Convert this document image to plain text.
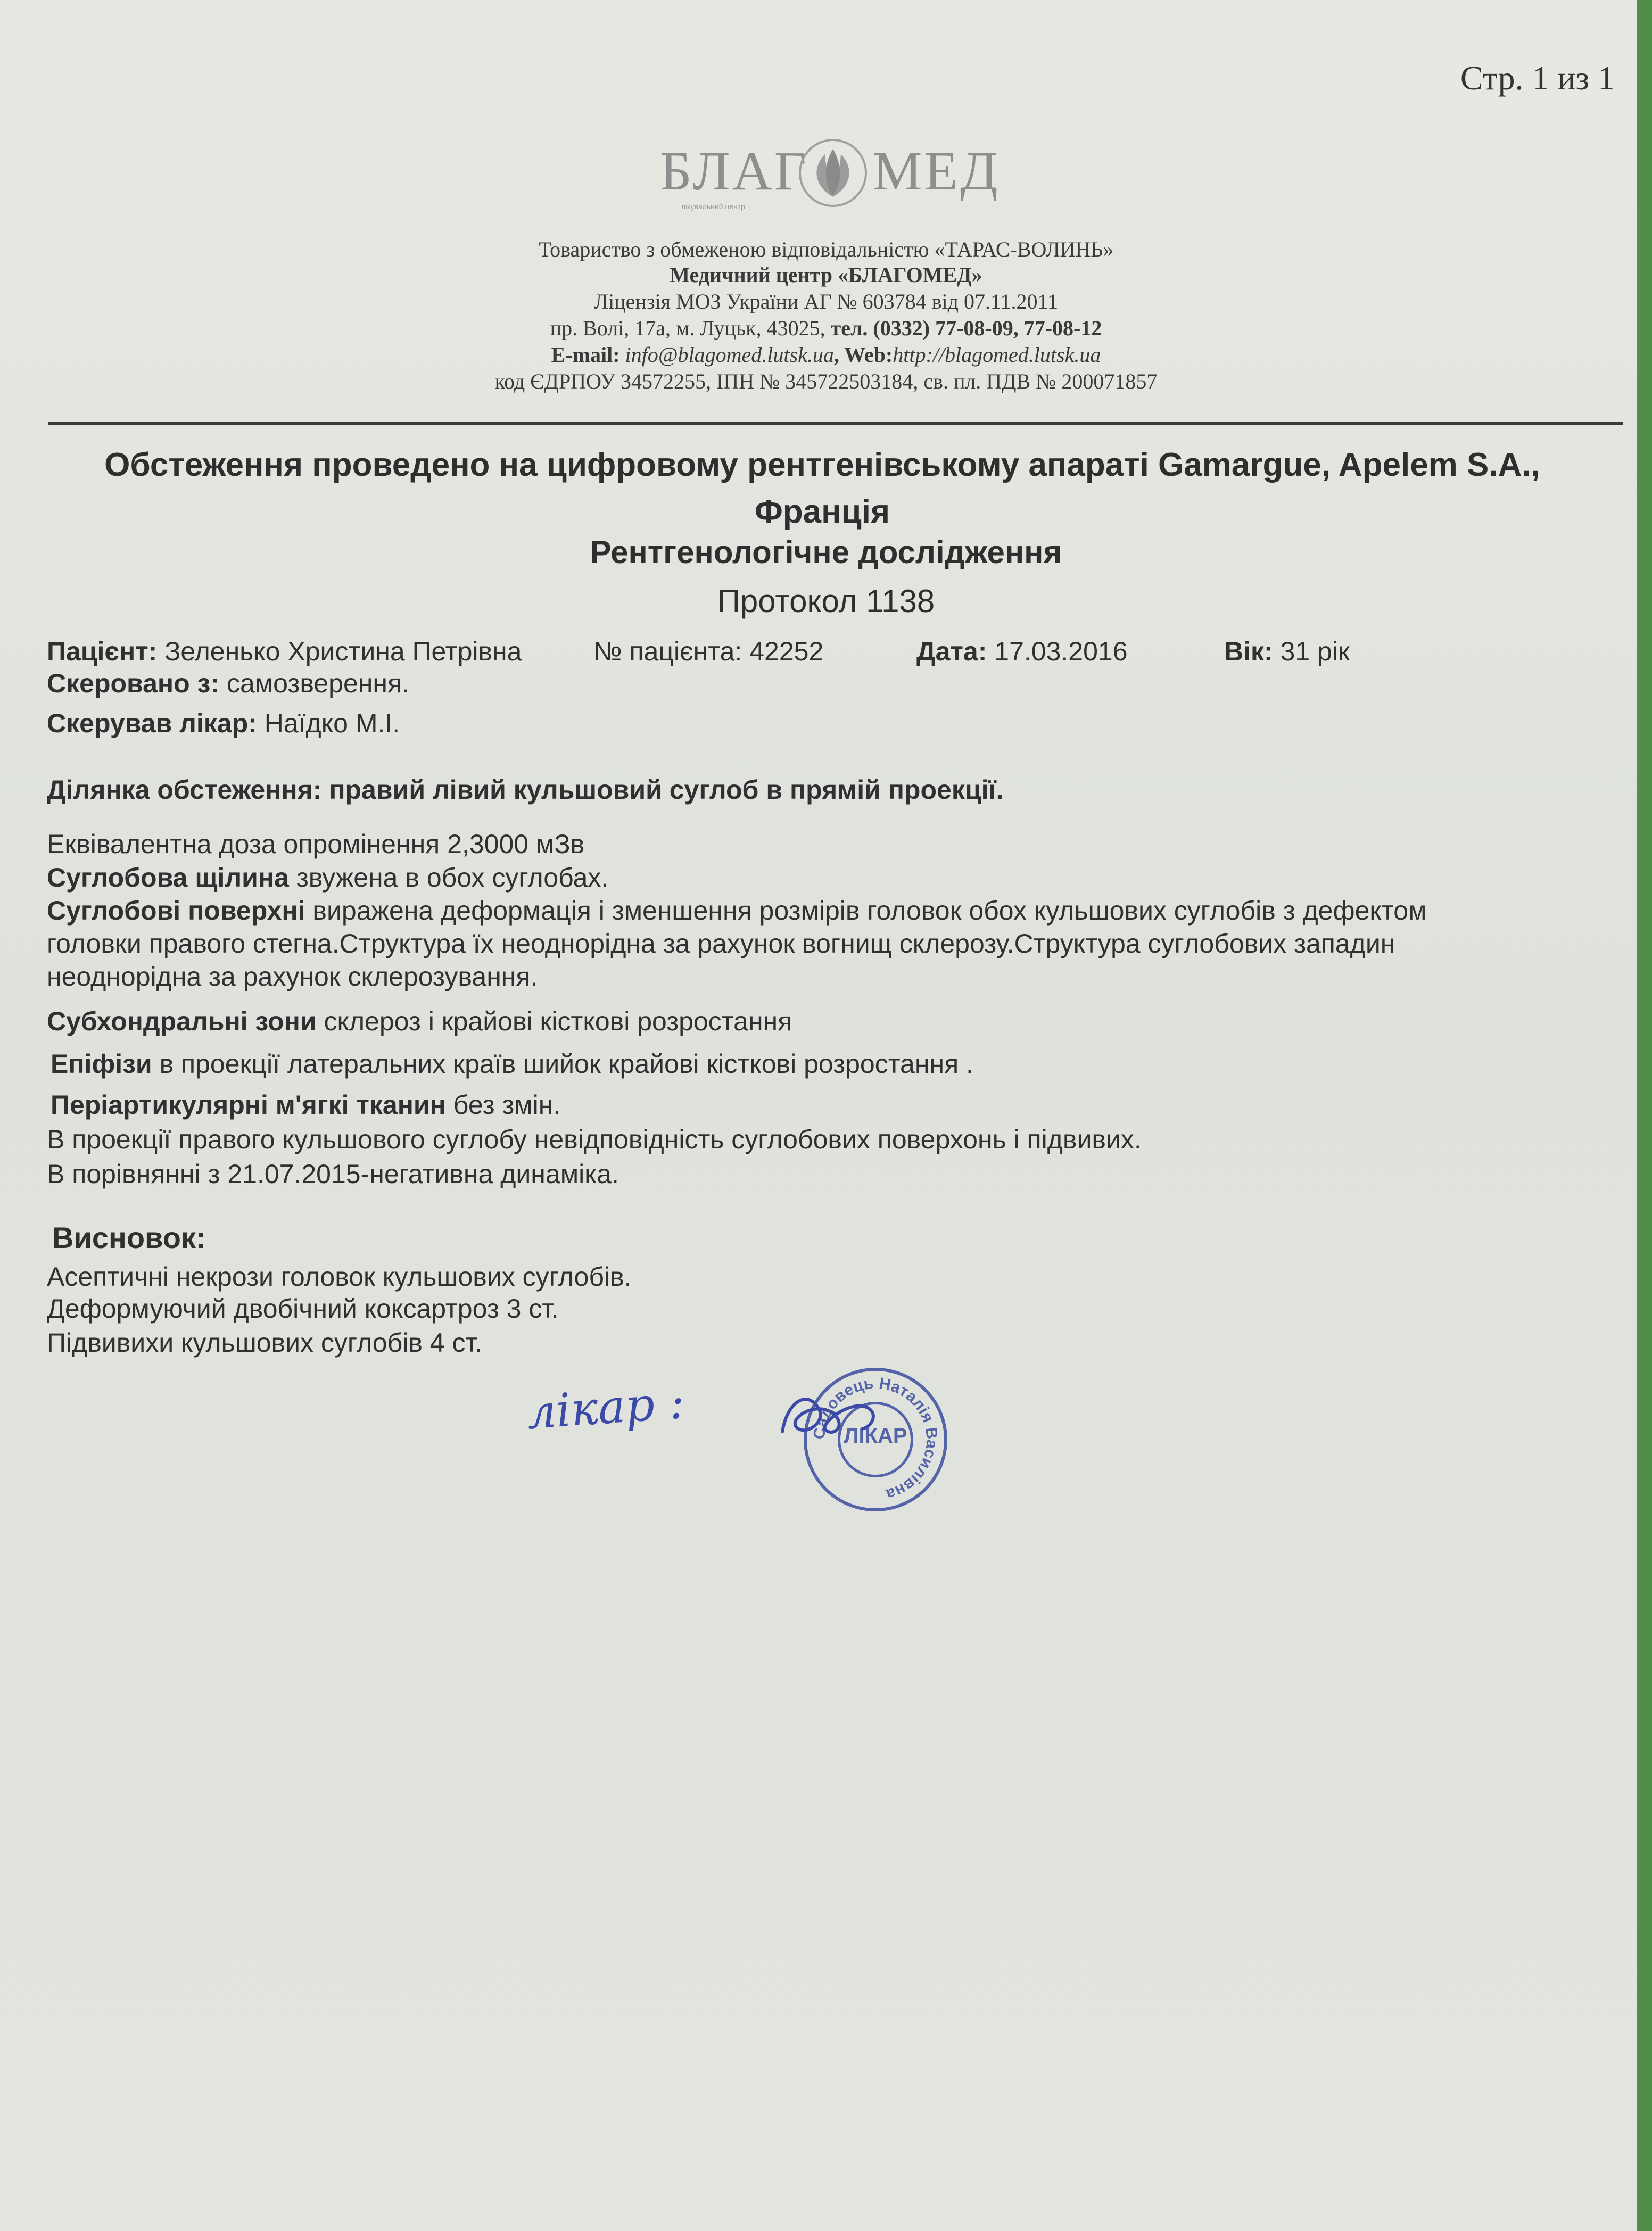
Стр. 1 из 1
БЛАГ МЕД
лікувальний центр
Товариство з обмеженою відповідальністю «ТАРАС-ВОЛИНЬ»
Медичний центр «БЛАГОМЕД»
Ліцензія МОЗ України АГ № 603784 від 07.11.2011
пр. Волі, 17а, м. Луцьк, 43025, тел. (0332) 77-08-09, 77-08-12
E-mail: info@blagomed.lutsk.ua, Web:http://blagomed.lutsk.ua
код ЄДРПОУ 34572255, ІПН № 345722503184, св. пл. ПДВ № 200071857
Обстеження проведено на цифровому рентгенівському апараті Gamargue, Apelem S.A.,
Франція
Рентгенологічне дослідження
Протокол 1138
Пацієнт: Зеленько Христина Петрівна	№ пацієнта: 42252	Дата: 17.03.2016	Вік: 31 рік
Скеровано з: самозверення.
Скерував лікар: Наїдко М.І.
Ділянка обстеження: правий лівий кульшовий суглоб в прямій проекції.
Еквівалентна доза опромінення 2,3000 мЗв
Суглобова щілина звужена в обох суглобах.
Суглобові поверхні виражена деформація і зменшення розмірів головок обох кульшових суглобів з дефектом
головки правого стегна.Структура їх неоднорідна за рахунок вогнищ склерозу.Структура суглобових западин
неоднорідна за рахунок склерозування.
Субхондральні зони склероз і крайові кісткові розростання
Епіфізи в проекції латеральних країв шийок крайові кісткові розростання .
Періартикулярні м'ягкі тканин без змін.
В проекції правого кульшового суглобу невідповідність суглобових поверхонь і підвивих.
В порівнянні з 21.07.2015-негативна динаміка.
Висновок:
Асептичні некрози головок кульшових суглобів.
Деформуючий двобічний коксартроз 3 ст.
Підвивихи кульшових суглобів 4 ст.
лікар :	Садовець Наталія Василівна
ЛІКАР
